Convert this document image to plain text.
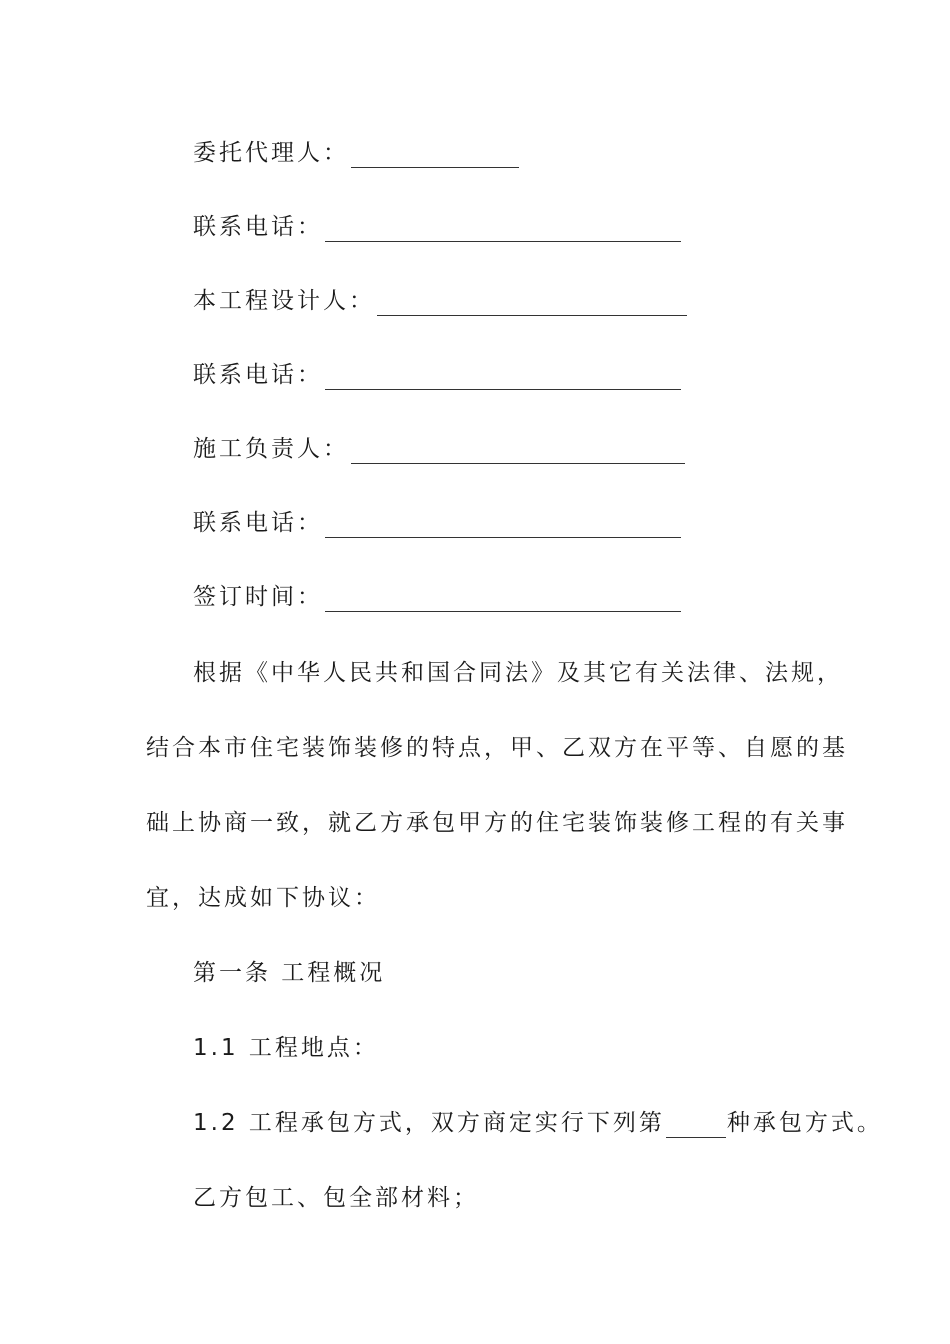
委托代理人：
联系电话：
本工程设计人：
联系电话：
施工负责人：
联系电话：
签订时间：
根据《中华人民共和国合同法》及其它有关法律、法规，
结合本市住宅装饰装修的特点，甲、乙双方在平等、自愿的基
础上协商一致，就乙方承包甲方的住宅装饰装修工程的有关事
宜，达成如下协议：
第一条 工程概况
1.1 工程地点：
1.2 工程承包方式，双方商定实行下列第	种承包方式。
乙方包工、包全部材料；
